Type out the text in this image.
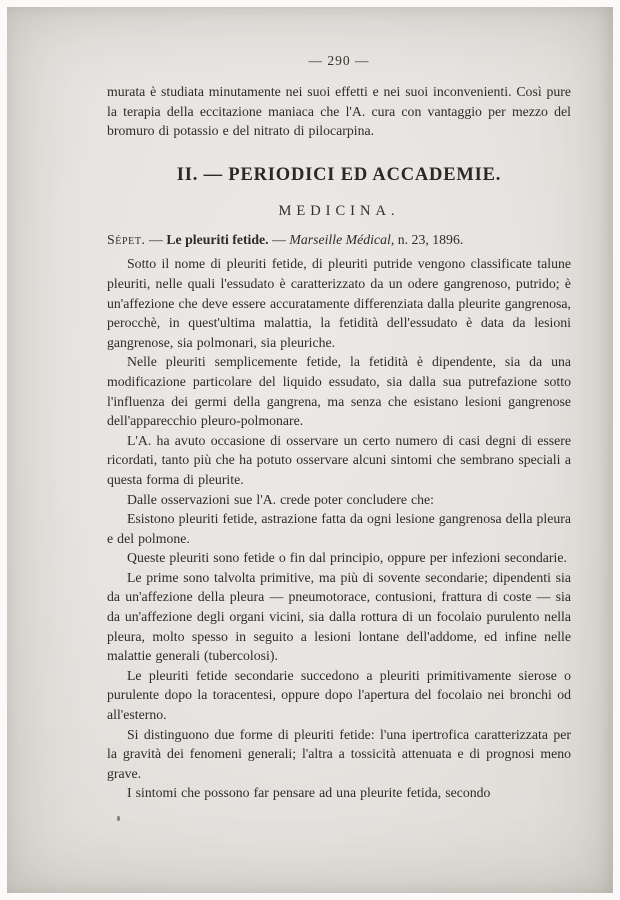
— 290 —

murata è studiata minutamente nei suoi effetti e nei suoi inconvenienti. Così pure la terapia della eccitazione maniaca che l'A. cura con vantaggio per mezzo del bromuro di potassio e del nitrato di pilocarpina.

II. — PERIODICI ED ACCADEMIE.
MEDICINA.

Sépet. — Le pleuriti fetide. — Marseille Médical, n. 23, 1896.

Sotto il nome di pleuriti fetide, di pleuriti putride vengono classificate talune pleuriti, nelle quali l'essudato è caratterizzato da un odere gangrenoso, putrido; è un'affezione che deve essere accuratamente differenziata dalla pleurite gangrenosa, perocchè, in quest'ultima malattia, la fetidità dell'essudato è data da lesioni gangrenose, sia polmonari, sia pleuriche.

Nelle pleuriti semplicemente fetide, la fetidità è dipendente, sia da una modificazione particolare del liquido essudato, sia dalla sua putrefazione sotto l'influenza dei germi della gangrena, ma senza che esistano lesioni gangrenose dell'apparecchio pleuro-polmonare.

L'A. ha avuto occasione di osservare un certo numero di casi degni di essere ricordati, tanto più che ha potuto osservare alcuni sintomi che sembrano speciali a questa forma di pleurite.

Dalle osservazioni sue l'A. crede poter concludere che:

Esistono pleuriti fetide, astrazione fatta da ogni lesione gangrenosa della pleura e del polmone.

Queste pleuriti sono fetide o fin dal principio, oppure per infezioni secondarie.

Le prime sono talvolta primitive, ma più di sovente secondarie; dipendenti sia da un'affezione della pleura — pneumotorace, contusioni, frattura di coste — sia da un'affezione degli organi vicini, sia dalla rottura di un focolaio purulento nella pleura, molto spesso in seguito a lesioni lontane dell'addome, ed infine nelle malattie generali (tubercolosi).

Le pleuriti fetide secondarie succedono a pleuriti primitivamente sierose o purulente dopo la toracentesi, oppure dopo l'apertura del focolaio nei bronchi od all'esterno.

Si distinguono due forme di pleuriti fetide: l'una ipertrofica caratterizzata per la gravità dei fenomeni generali; l'altra a tossicità attenuata e di prognosi meno grave.

I sintomi che possono far pensare ad una pleurite fetida, secondo
